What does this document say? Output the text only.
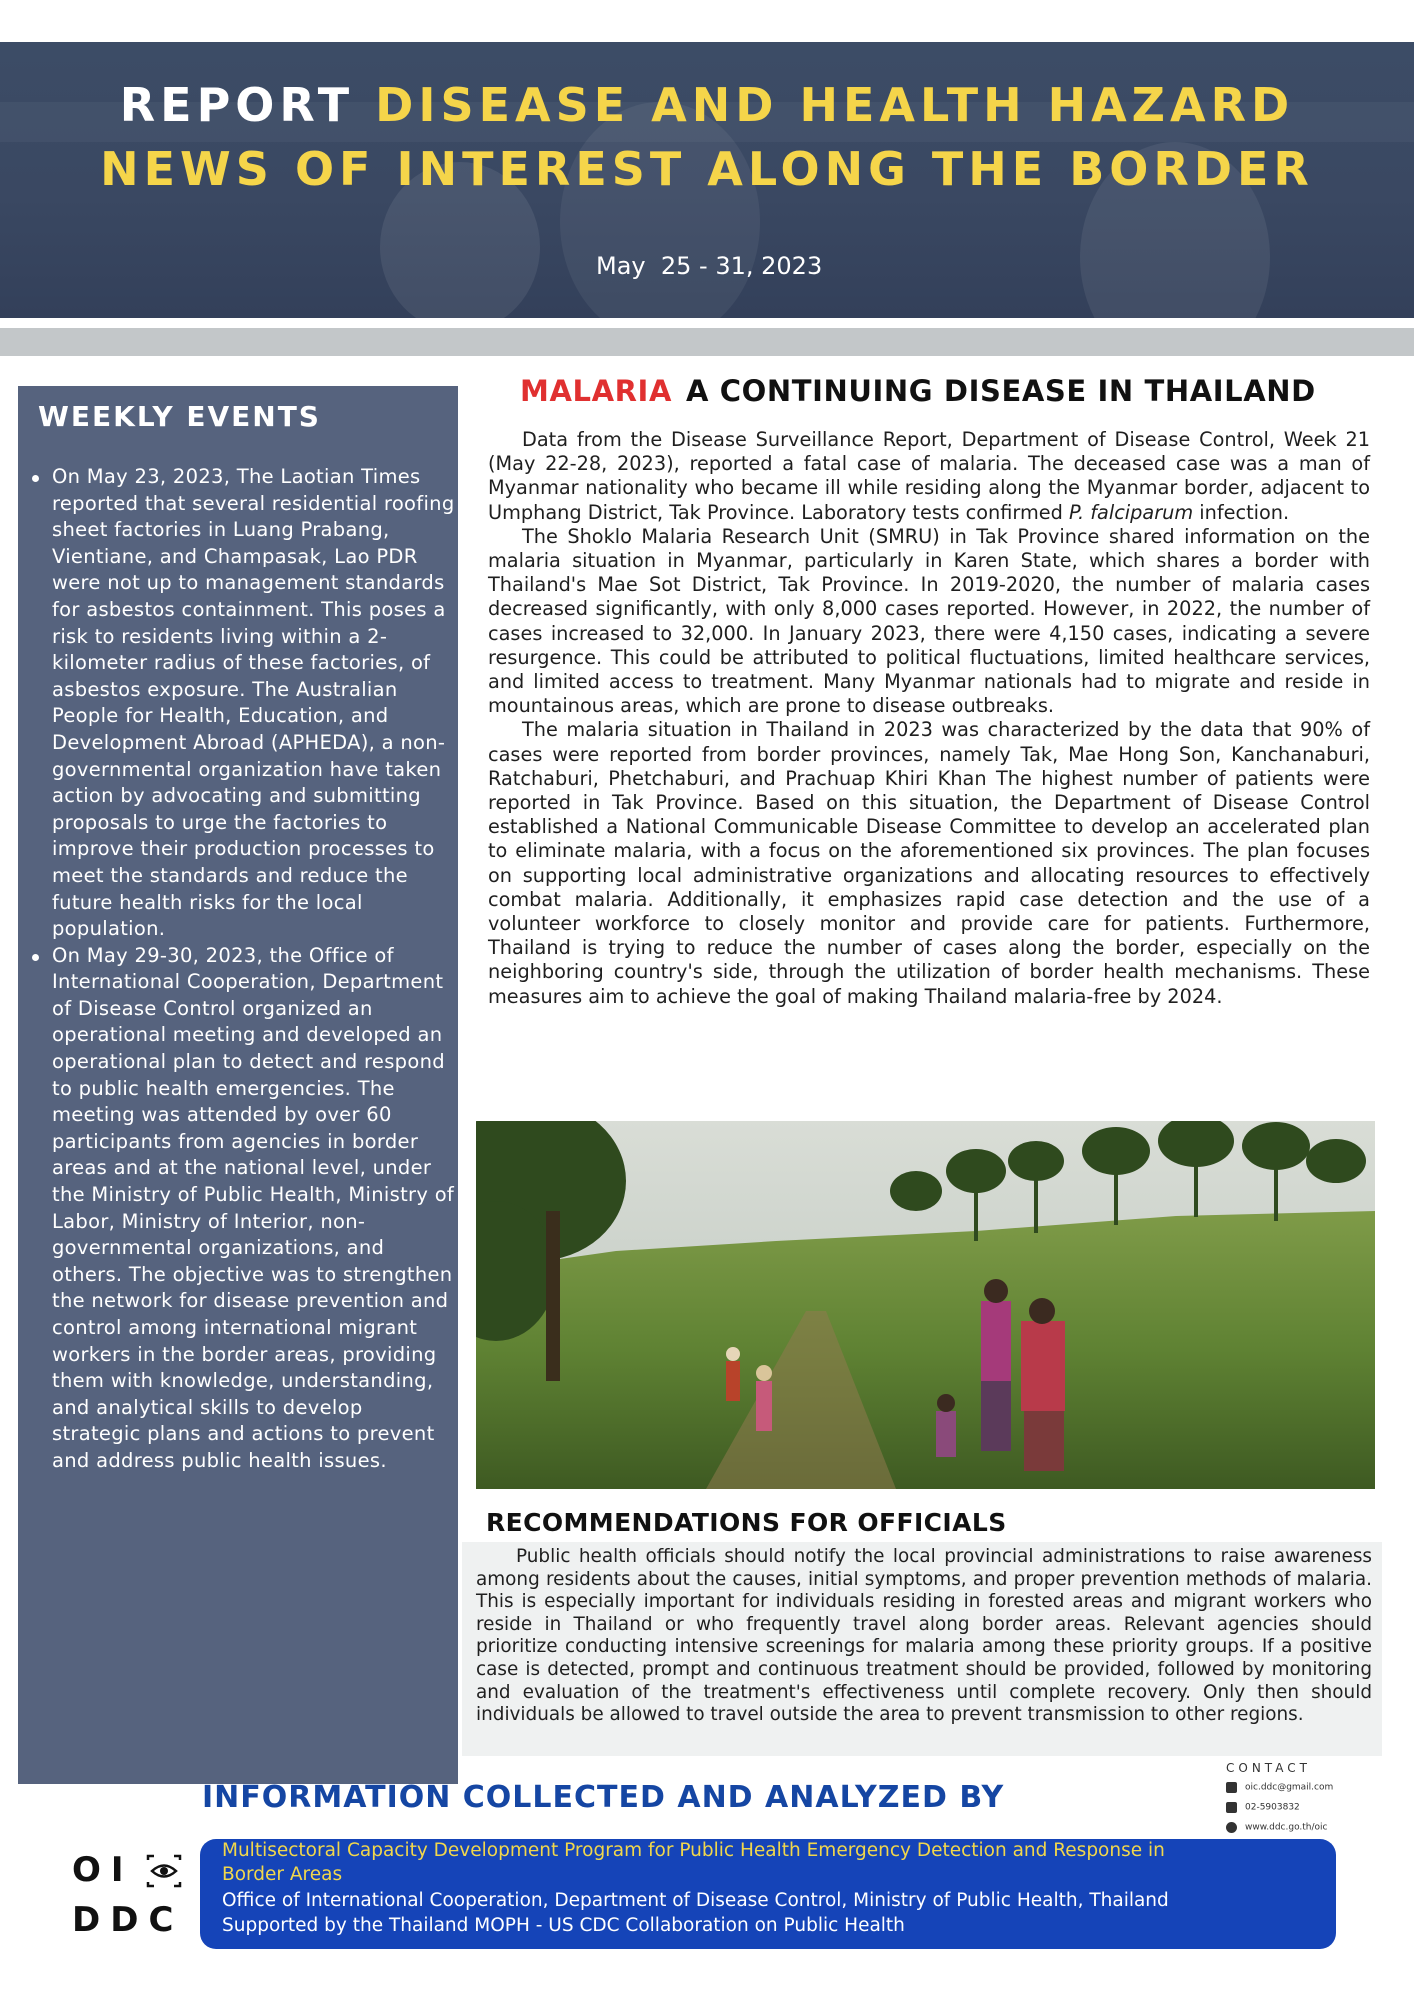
REPORT DISEASE AND HEALTH HAZARD
NEWS OF INTEREST ALONG THE BORDER
May  25 - 31, 2023
WEEKLY EVENTS
On May 23, 2023, The Laotian Times reported that several residential roofing sheet factories in Luang Prabang, Vientiane, and Champasak, Lao PDR were not up to management standards for asbestos containment. This poses a risk to residents living within a 2-kilometer radius of these factories, of asbestos exposure. The Australian People for Health, Education, and Development Abroad (APHEDA), a non-governmental organization have taken action by advocating and submitting proposals to urge the factories to improve their production processes to meet the standards and reduce the future health risks for the local population.
On May 29-30, 2023, the Office of International Cooperation, Department of Disease Control organized an operational meeting and developed an operational plan to detect and respond to public health emergencies. The meeting was attended by over 60 participants from agencies in border areas and at the national level, under the Ministry of Public Health, Ministry of Labor, Ministry of Interior, non-governmental organizations, and others. The objective was to strengthen the network for disease prevention and control among international migrant workers in the border areas, providing them with knowledge, understanding, and analytical skills to develop strategic plans and actions to prevent and address public health issues.
MALARIA A CONTINUING DISEASE IN THAILAND

Data from the Disease Surveillance Report, Department of Disease Control, Week 21 (May 22-28, 2023), reported a fatal case of malaria. The deceased case was a man of Myanmar nationality who became ill while residing along the Myanmar border, adjacent to Umphang District, Tak Province. Laboratory tests confirmed P. falciparum infection.

The Shoklo Malaria Research Unit (SMRU) in Tak Province shared information on the malaria situation in Myanmar, particularly in Karen State, which shares a border with Thailand's Mae Sot District, Tak Province. In 2019-2020, the number of malaria cases decreased significantly, with only 8,000 cases reported. However, in 2022, the number of cases increased to 32,000. In January 2023, there were 4,150 cases, indicating a severe resurgence. This could be attributed to political fluctuations, limited healthcare services, and limited access to treatment. Many Myanmar nationals had to migrate and reside in mountainous areas, which are prone to disease outbreaks.

The malaria situation in Thailand in 2023 was characterized by the data that 90% of cases were reported from border provinces, namely Tak, Mae Hong Son, Kanchanaburi, Ratchaburi, Phetchaburi, and Prachuap Khiri Khan The highest number of patients were reported in Tak Province. Based on this situation, the Department of Disease Control established a National Communicable Disease Committee to develop an accelerated plan to eliminate malaria, with a focus on the aforementioned six provinces. The plan focuses on supporting local administrative organizations and allocating resources to effectively combat malaria. Additionally, it emphasizes rapid case detection and the use of a volunteer workforce to closely monitor and provide care for patients. Furthermore, Thailand is trying to reduce the number of cases along the border, especially on the neighboring country's side, through the utilization of border health mechanisms. These measures aim to achieve the goal of making Thailand malaria-free by 2024.

RECOMMENDATIONS FOR OFFICIALS

Public health officials should notify the local provincial administrations to raise awareness among residents about the causes, initial symptoms, and proper prevention methods of malaria. This is especially important for individuals residing in forested areas and migrant workers who reside in Thailand or who frequently travel along border areas. Relevant agencies should prioritize conducting intensive screenings for malaria among these priority groups. If a positive case is detected, prompt and continuous treatment should be provided, followed by monitoring and evaluation of the treatment's effectiveness until complete recovery. Only then should individuals be allowed to travel outside the area to prevent transmission to other regions.

CONTACT
oic.ddc@gmail.com
02-5903832
www.ddc.go.th/oic
INFORMATION COLLECTED AND ANALYZED BY
OI
DDC
Multisectoral Capacity Development Program for Public Health Emergency Detection and Response in
Border Areas
Office of International Cooperation, Department of Disease Control, Ministry of Public Health, Thailand
Supported by the Thailand MOPH - US CDC Collaboration on Public Health
